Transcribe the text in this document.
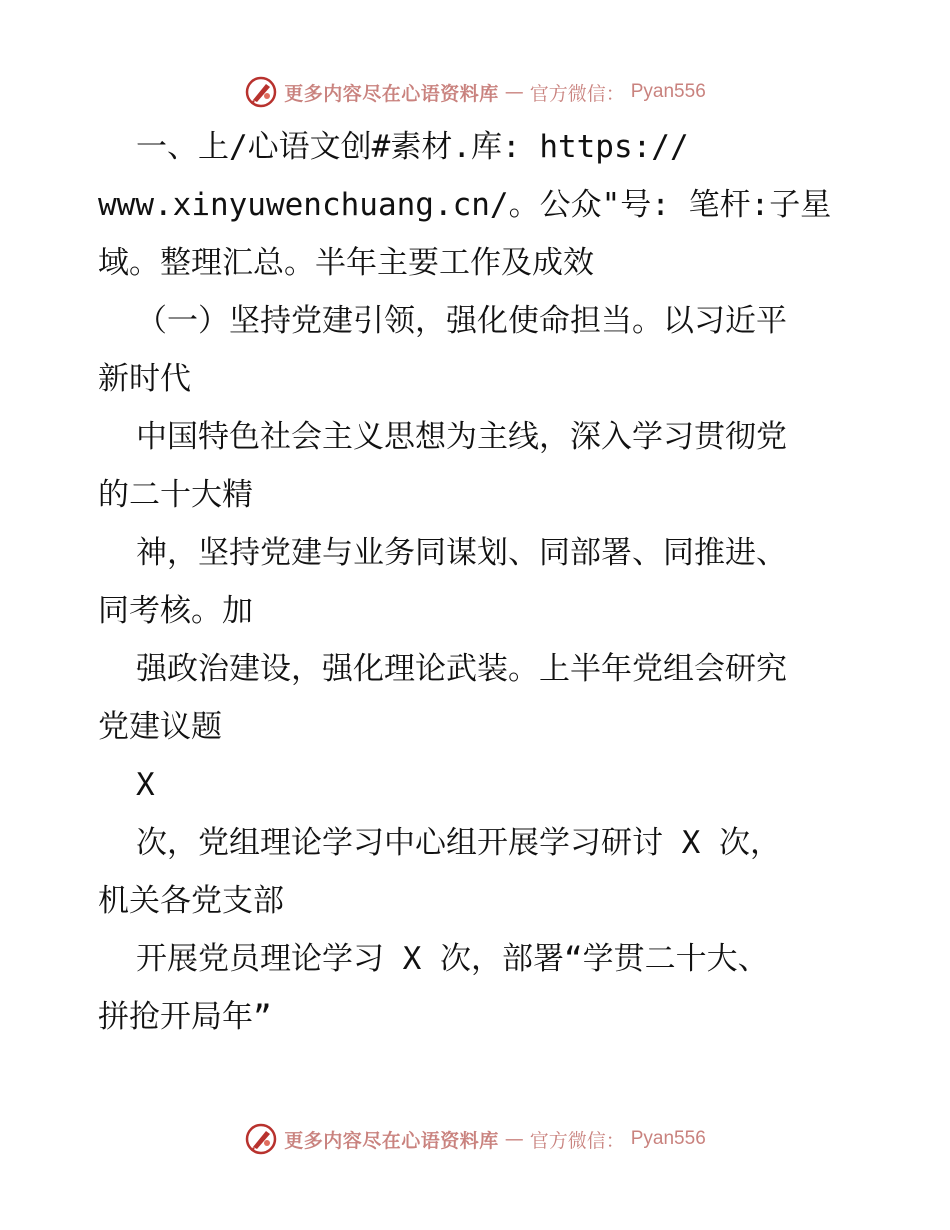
更多内容尽在心语资料库 — 官方微信： Pyan556
一、上/心语文创#素材.库: https://
www.xinyuwenchuang.cn/。公众"号: 笔杆:子星
域。整理汇总。半年主要工作及成效
（一）坚持党建引领，强化使命担当。以习近平
新时代
中国特色社会主义思想为主线，深入学习贯彻党
的二十大精
神，坚持党建与业务同谋划、同部署、同推进、
同考核。加
强政治建设，强化理论武装。上半年党组会研究
党建议题
X
次，党组理论学习中心组开展学习研讨 X 次，
机关各党支部
开展党员理论学习 X 次，部署“学贯二十大、
拼抢开局年”
更多内容尽在心语资料库 — 官方微信： Pyan556
